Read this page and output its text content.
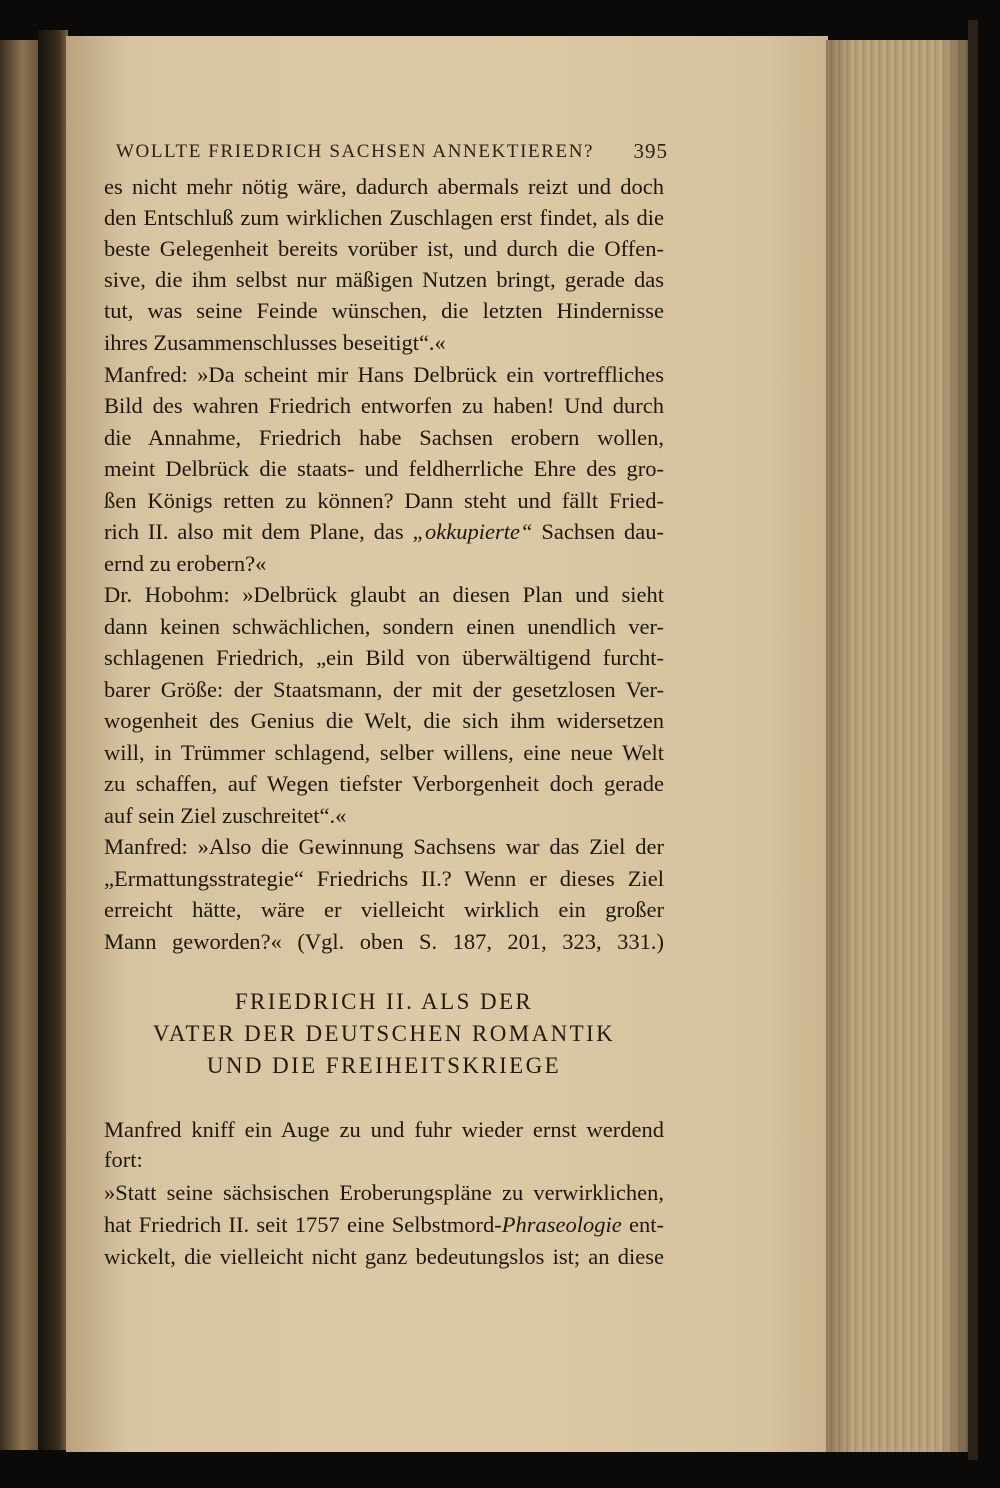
WOLLTE FRIEDRICH SACHSEN ANNEKTIEREN? 395
es nicht mehr nötig wäre, dadurch abermals reizt und doch
den Entschluß zum wirklichen Zuschlagen erst findet, als die
beste Gelegenheit bereits vorüber ist, und durch die Offen-
sive, die ihm selbst nur mäßigen Nutzen bringt, gerade das
tut, was seine Feinde wünschen, die letzten Hindernisse
ihres Zusammenschlusses beseitigt“.«
Manfred: »Da scheint mir Hans Delbrück ein vortreffliches
Bild des wahren Friedrich entworfen zu haben! Und durch
die Annahme, Friedrich habe Sachsen erobern wollen,
meint Delbrück die staats- und feldherrliche Ehre des gro-
ßen Königs retten zu können? Dann steht und fällt Fried-
rich II. also mit dem Plane, das „okkupierte“ Sachsen dau-
ernd zu erobern?«
Dr. Hobohm: »Delbrück glaubt an diesen Plan und sieht
dann keinen schwächlichen, sondern einen unendlich ver-
schlagenen Friedrich, „ein Bild von überwältigend furcht-
barer Größe: der Staatsmann, der mit der gesetzlosen Ver-
wogenheit des Genius die Welt, die sich ihm widersetzen
will, in Trümmer schlagend, selber willens, eine neue Welt
zu schaffen, auf Wegen tiefster Verborgenheit doch gerade
auf sein Ziel zuschreitet“.«
Manfred: »Also die Gewinnung Sachsens war das Ziel der
„Ermattungsstrategie“ Friedrichs II.? Wenn er dieses Ziel
erreicht hätte, wäre er vielleicht wirklich ein großer
Mann geworden?« (Vgl. oben S. 187, 201, 323, 331.)
FRIEDRICH II. ALS DER
VATER DER DEUTSCHEN ROMANTIK
UND DIE FREIHEITSKRIEGE
Manfred kniff ein Auge zu und fuhr wieder ernst werdend
fort:
»Statt seine sächsischen Eroberungspläne zu verwirklichen,
hat Friedrich II. seit 1757 eine Selbstmord-Phraseologie ent-
wickelt, die vielleicht nicht ganz bedeutungslos ist; an diese
